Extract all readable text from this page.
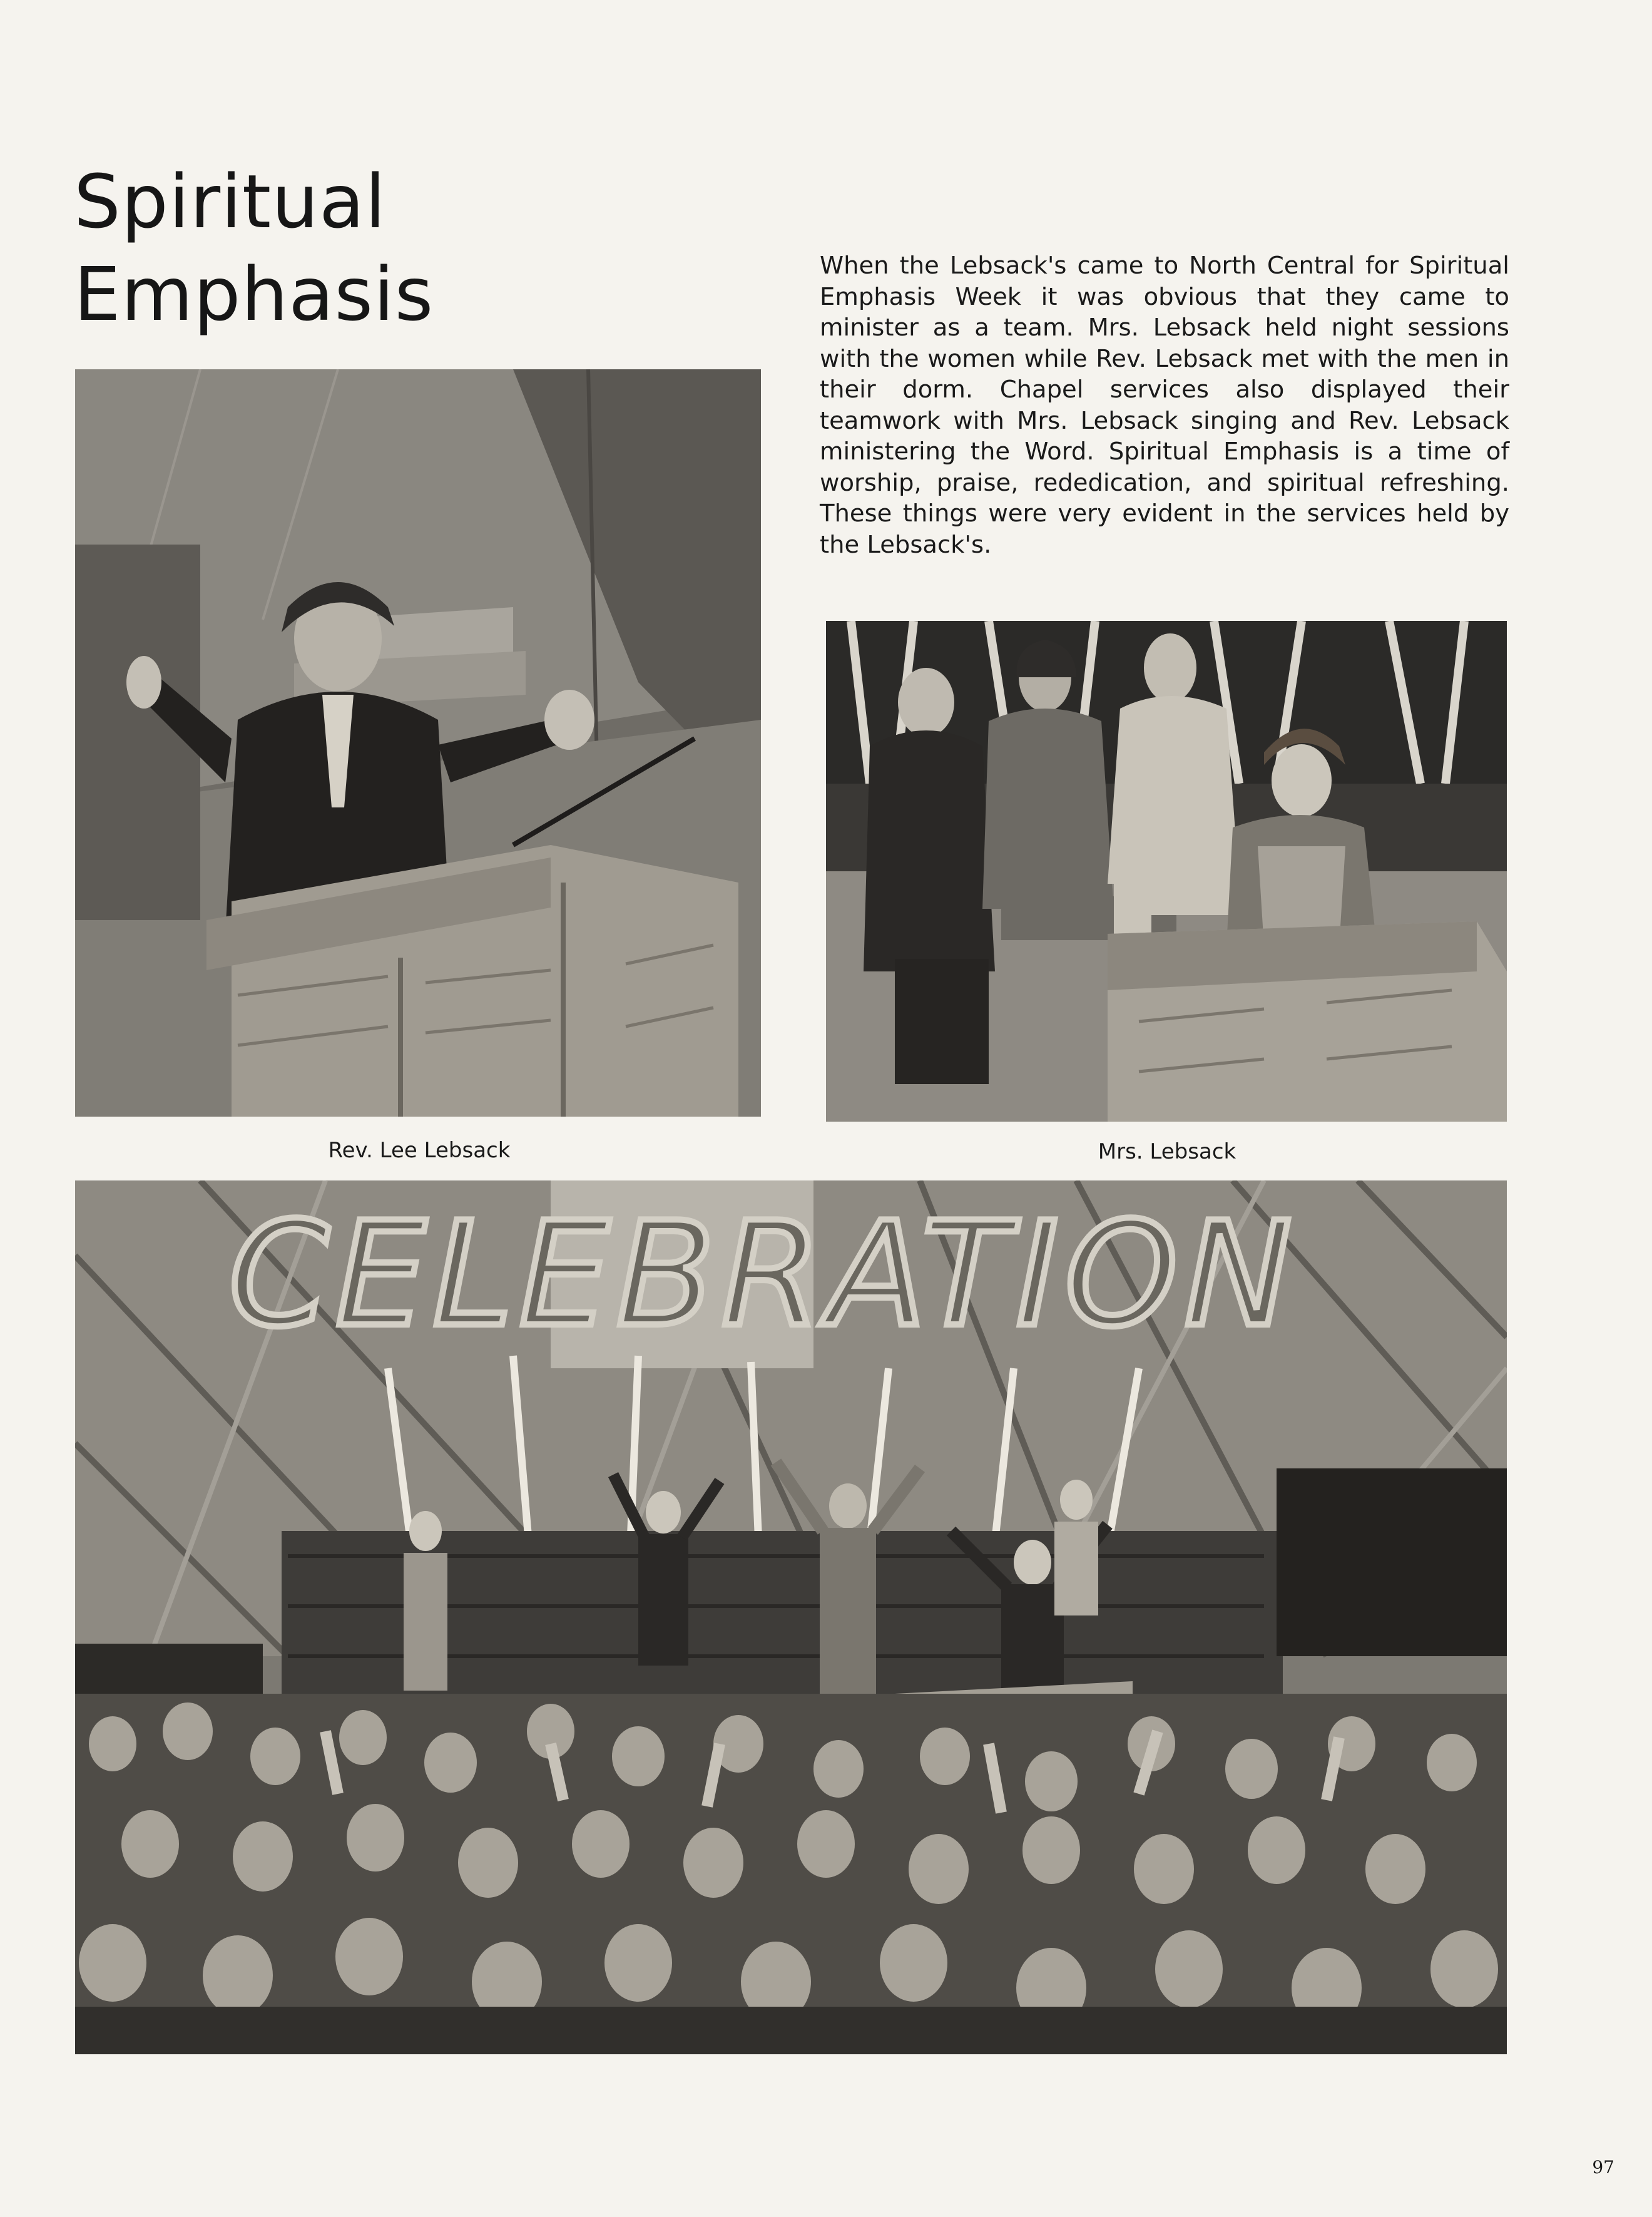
Spiritual
Emphasis	When the Lebsack's came to North Central for Spiritual Emphasis Week it was obvious that they came to minister as a team. Mrs. Lebsack held night sessions with the women while Rev. Lebsack met with the men in their dorm. Chapel services also displayed their teamwork with Mrs. Lebsack singing and Rev. Lebsack ministering the Word. Spiritual Emphasis is a time of worship, praise, rededication, and spiritual refreshing. These things were very evident in the services held by the Lebsack's.

Rev. Lee Lebsack	Mrs. Lebsack
CELEBRATION
97
